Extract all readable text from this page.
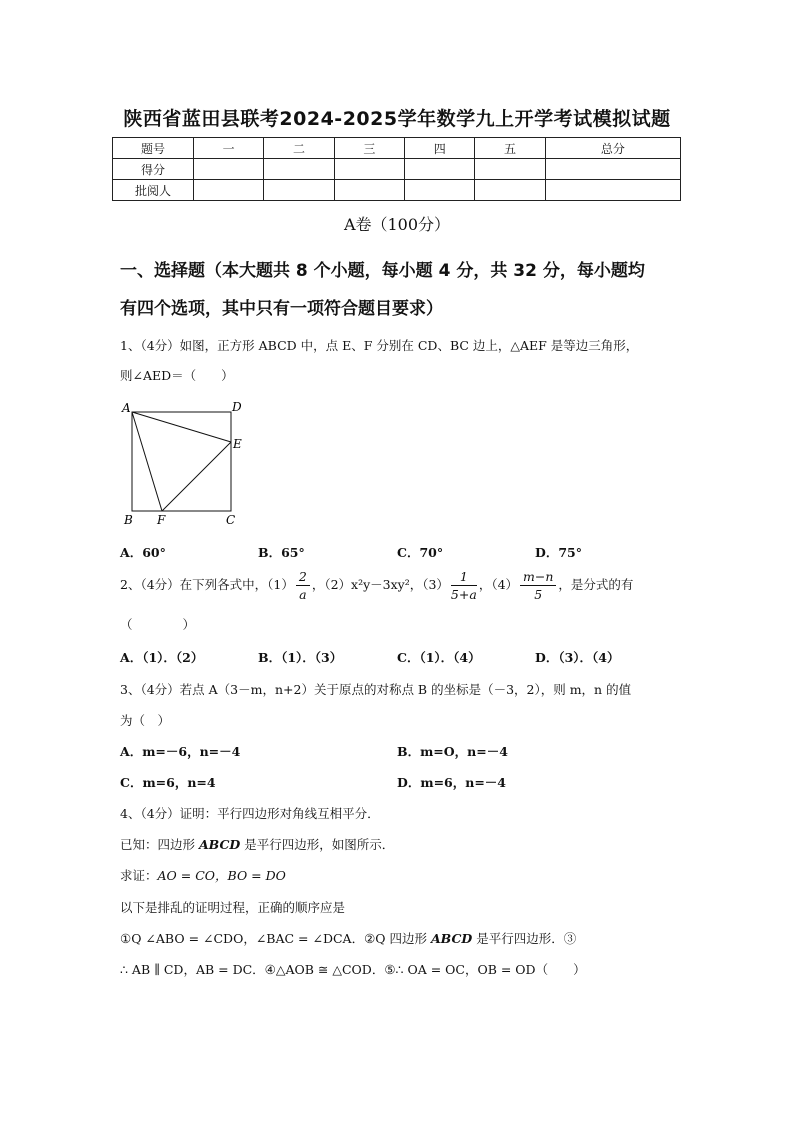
陕西省蓝田县联考2024-2025学年数学九上开学考试模拟试题
题号	一	二	三	四	五	总分
得分						
批阅人						
A卷（100分）
一、选择题（本大题共 8 个小题，每小题 4 分，共 32 分，每小题均
有四个选项，其中只有一项符合题目要求）
1、（4分）如图，正方形 ABCD 中，点 E、F 分别在 CD、BC 边上，△AEF 是等边三角形，
则∠AED＝（　　）
A	D
E
B F	C
A．60°	B．65°	C．70°	D．75°
2、（4分）在下列各式中，$(1) \frac{2}{a}$ ，（2）x²y－3xy²，$(3) \frac{1}{5+a}$ ，$(4) \frac{m-n}{5}$ ，是分式的有
（　　　　）
A．（1）．（2）	B．（1）．（3）	C．（1）．（4）	D．（3）．（4）
3、（4分）若点 A（3－m，n+2）关于原点的对称点 B 的坐标是（－3，2），则 m，n 的值
为（　）
A．m=－6，n=－4	B．m=O，n=－4
C．m=6，n=4	D．m=6，n=－4
4、（4分）证明：平行四边形对角线互相平分．
已知：四边形 ABCD 是平行四边形，如图所示．
求证：AO = CO，BO = DO
以下是排乱的证明过程，正确的顺序应是
①Q ∠ABO = ∠CDO，∠BAC = ∠DCA．②Q 四边形 ABCD 是平行四边形．③
∴ AB ∥ CD，AB = DC．④△AOB ≅ △COD．⑤∴ OA = OC，OB = OD（　　）
